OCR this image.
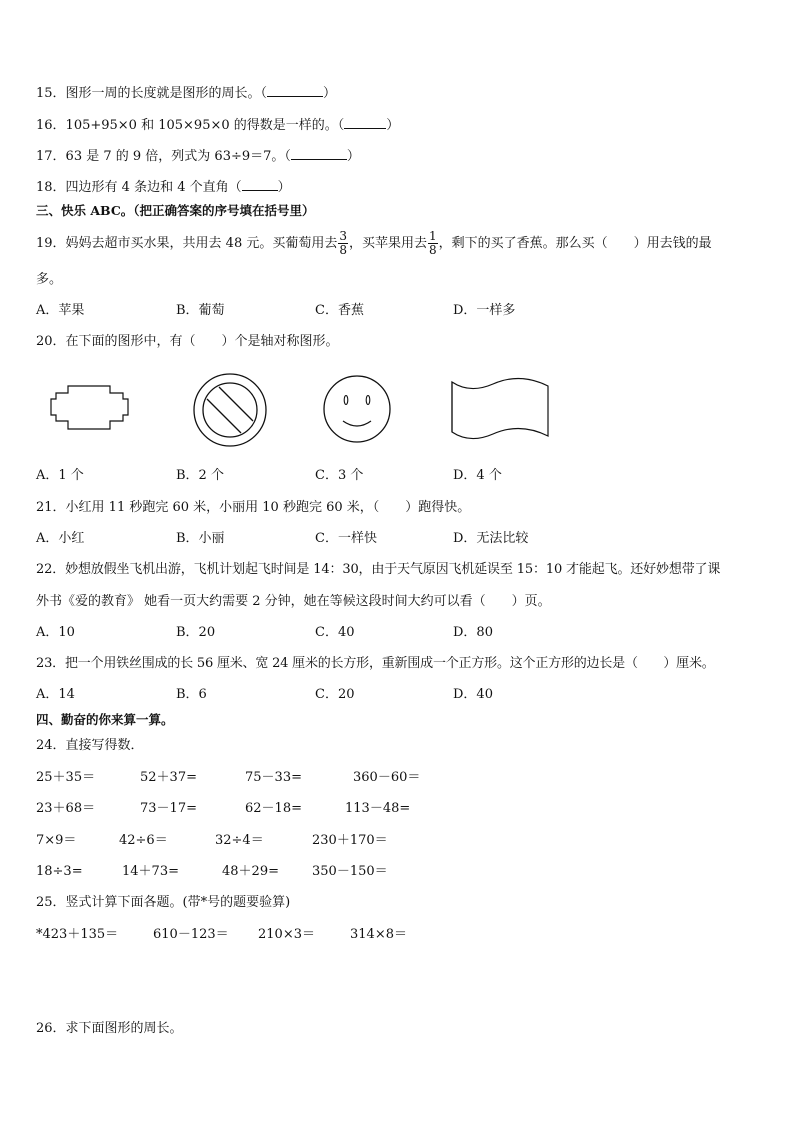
15．图形一周的长度就是图形的周长。（	）
16．105+95×0 和 105×95×0 的得数是一样的。（	）
17．63 是 7 的 9 倍，列式为 63÷9＝7。（	）
18．四边形有 4 条边和 4 个直角（	）
三、快乐 ABC。（把正确答案的序号填在括号里）
19．妈妈去超市买水果，共用去 48 元。买葡萄用去 $\frac{3}{8}$ ，买苹果用去 $\frac{1}{8}$ ，剩下的买了香蕉。那么买（　　）用去钱的最
多。
A．苹果	B．葡萄	C．香蕉	D．一样多
20．在下面的图形中，有（　　）个是轴对称图形。
A．1 个	B．2 个	C．3 个	D．4 个
21．小红用 11 秒跑完 60 米，小丽用 10 秒跑完 60 米，（　　）跑得快。
A．小红	B．小丽	C．一样快	D．无法比较
22．妙想放假坐飞机出游，飞机计划起飞时间是 14：30，由于天气原因飞机延误至 15：10 才能起飞。还好妙想带了课
外书《爱的教育》 她看一页大约需要 2 分钟，她在等候这段时间大约可以看（　　）页。
A．10	B．20	C．40	D．80
23．把一个用铁丝围成的长 56 厘米、宽 24 厘米的长方形，重新围成一个正方形。这个正方形的边长是（　　）厘米。
A．14	B．6	C．20	D．40
四、勤奋的你来算一算。
24．直接写得数．
25＋35＝	52＋37=	75－33=	360－60＝
23＋68＝	73－17=	62－18=	113－48=
7×9＝	42÷6＝	32÷4＝	230＋170＝
18÷3=	14＋73=	48＋29=	350－150＝
25．竖式计算下面各题。(带*号的题要验算)
*423＋135＝	610－123＝ 210×3＝	314×8＝
26．求下面图形的周长。
